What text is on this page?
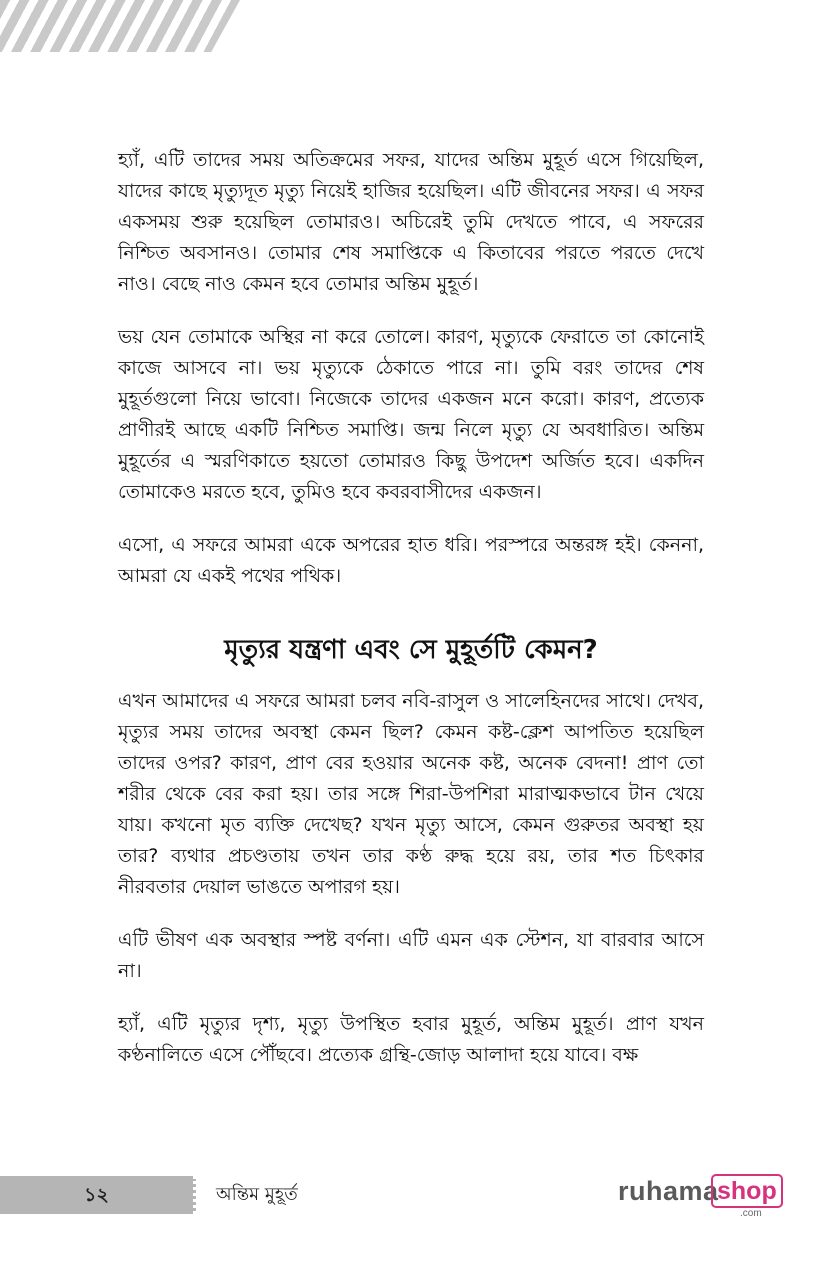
হ্যাঁ, এটি তাদের সময় অতিক্রমের সফর, যাদের অন্তিম মুহূর্ত এসে গিয়েছিল, যাদের কাছে মৃত্যুদূত মৃত্যু নিয়েই হাজির হয়েছিল। এটি জীবনের সফর। এ সফর একসময় শুরু হয়েছিল তোমারও। অচিরেই তুমি দেখতে পাবে, এ সফরের নিশ্চিত অবসানও। তোমার শেষ সমাপ্তিকে এ কিতাবের পরতে পরতে দেখে নাও। বেছে নাও কেমন হবে তোমার অন্তিম মুহূর্ত।

ভয় যেন তোমাকে অস্থির না করে তোলে। কারণ, মৃত্যুকে ফেরাতে তা কোনোই কাজে আসবে না। ভয় মৃত্যুকে ঠেকাতে পারে না। তুমি বরং তাদের শেষ মুহূর্তগুলো নিয়ে ভাবো। নিজেকে তাদের একজন মনে করো। কারণ, প্রত্যেক প্রাণীরই আছে একটি নিশ্চিত সমাপ্তি। জন্ম নিলে মৃত্যু যে অবধারিত। অন্তিম মুহূর্তের এ স্মরণিকাতে হয়তো তোমারও কিছু উপদেশ অর্জিত হবে। একদিন তোমাকেও মরতে হবে, তুমিও হবে কবরবাসীদের একজন।

এসো, এ সফরে আমরা একে অপরের হাত ধরি। পরস্পরে অন্তরঙ্গ হই। কেননা, আমরা যে একই পথের পথিক।

মৃত্যুর যন্ত্রণা এবং সে মুহূর্তটি কেমন?

এখন আমাদের এ সফরে আমরা চলব নবি-রাসুল ও সালেহিনদের সাথে। দেখব, মৃত্যুর সময় তাদের অবস্থা কেমন ছিল? কেমন কষ্ট-ক্লেশ আপতিত হয়েছিল তাদের ওপর? কারণ, প্রাণ বের হওয়ার অনেক কষ্ট, অনেক বেদনা! প্রাণ তো শরীর থেকে বের করা হয়। তার সঙ্গে শিরা-উপশিরা মারাত্মকভাবে টান খেয়ে যায়। কখনো মৃত ব্যক্তি দেখেছ? যখন মৃত্যু আসে, কেমন গুরুতর অবস্থা হয় তার? ব্যথার প্রচণ্ডতায় তখন তার কণ্ঠ রুদ্ধ হয়ে রয়, তার শত চিৎকার নীরবতার দেয়াল ভাঙতে অপারগ হয়।

এটি ভীষণ এক অবস্থার স্পষ্ট বর্ণনা। এটি এমন এক স্টেশন, যা বারবার আসে না।

হ্যাঁ, এটি মৃত্যুর দৃশ্য, মৃত্যু উপস্থিত হবার মুহূর্ত, অন্তিম মুহূর্ত। প্রাণ যখন কণ্ঠনালিতে এসে পৌঁছবে। প্রত্যেক গ্রন্থি-জোড় আলাদা হয়ে যাবে। বক্ষ

১২	অন্তিম মুহূর্ত	ruhama
shop
.com
